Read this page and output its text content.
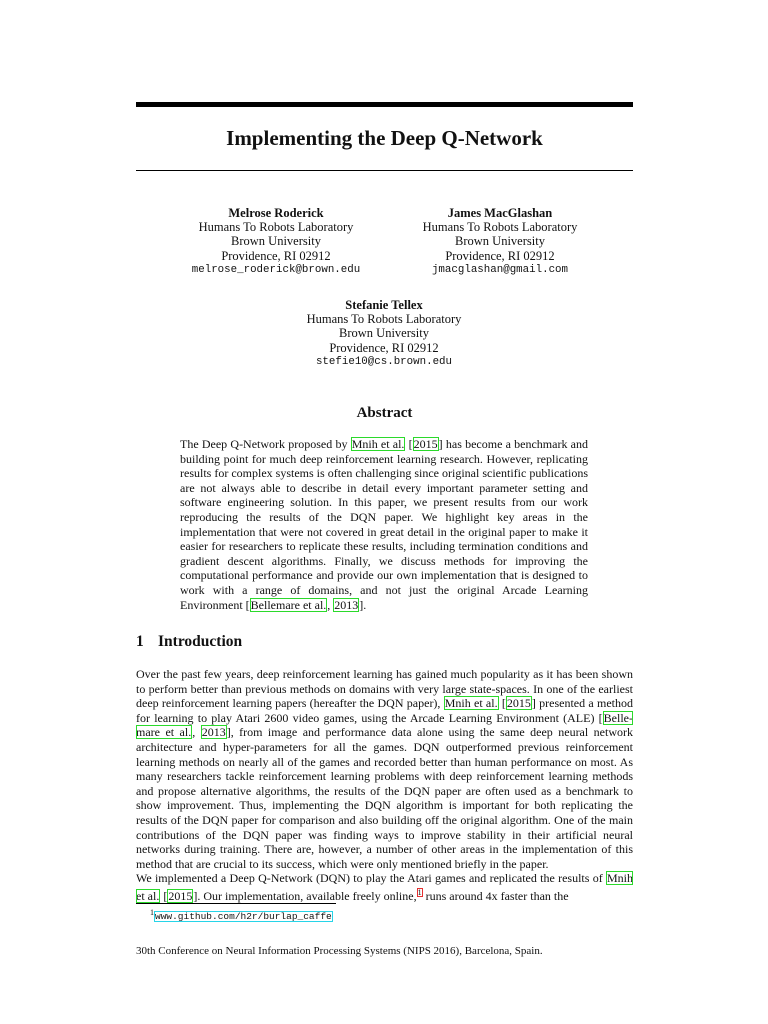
Implementing the Deep Q-Network
Melrose Roderick
Humans To Robots Laboratory
Brown University
Providence, RI 02912
melrose_roderick@brown.edu
James MacGlashan
Humans To Robots Laboratory
Brown University
Providence, RI 02912
jmacglashan@gmail.com
Stefanie Tellex
Humans To Robots Laboratory
Brown University
Providence, RI 02912
stefie10@cs.brown.edu
Abstract
The Deep Q-Network proposed by Mnih et al. [2015] has become a benchmark and building point for much deep reinforcement learning research. However, replicating results for complex systems is often challenging since original scientific publications are not always able to describe in detail every important parameter setting and software engineering solution. In this paper, we present results from our work reproducing the results of the DQN paper. We highlight key areas in the implementation that were not covered in great detail in the original paper to make it easier for researchers to replicate these results, including termination conditions and gradient descent algorithms. Finally, we discuss methods for improving the computational performance and provide our own implementation that is designed to work with a range of domains, and not just the original Arcade Learning Environment [Bellemare et al., 2013].
1 Introduction
Over the past few years, deep reinforcement learning has gained much popularity as it has been shown to perform better than previous methods on domains with very large state-spaces. In one of the earliest deep reinforcement learning papers (hereafter the DQN paper), Mnih et al. [2015] presented a method for learning to play Atari 2600 video games, using the Arcade Learning Environment (ALE) [Belle-mare et al., 2013], from image and performance data alone using the same deep neural network architecture and hyper-parameters for all the games. DQN outperformed previous reinforcement learning methods on nearly all of the games and recorded better than human performance on most. As many researchers tackle reinforcement learning problems with deep reinforcement learning methods and propose alternative algorithms, the results of the DQN paper are often used as a benchmark to show improvement. Thus, implementing the DQN algorithm is important for both replicating the results of the DQN paper for comparison and also building off the original algorithm. One of the main contributions of the DQN paper was finding ways to improve stability in their artificial neural networks during training. There are, however, a number of other areas in the implementation of this method that are crucial to its success, which were only mentioned briefly in the paper.
We implemented a Deep Q-Network (DQN) to play the Atari games and replicated the results of Mnih et al. [2015]. Our implementation, available freely online,$^1$ runs around 4x faster than the
$^1$www.github.com/h2r/burlap_caffe
30th Conference on Neural Information Processing Systems (NIPS 2016), Barcelona, Spain.
